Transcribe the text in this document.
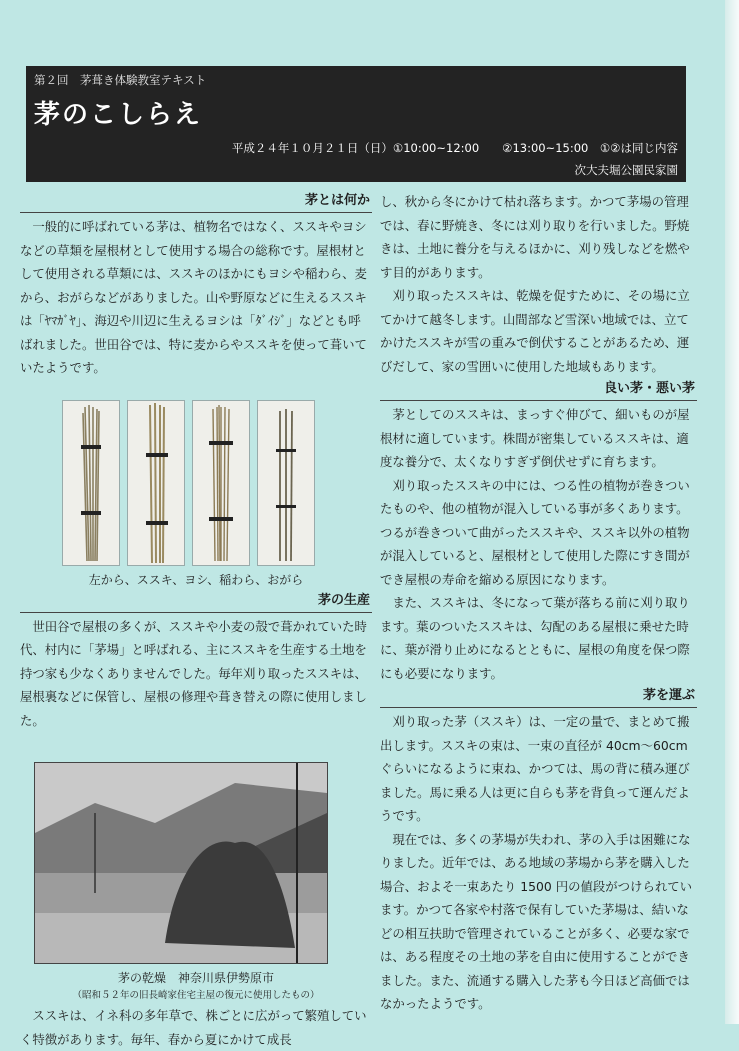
第２回　茅葺き体験教室テキスト
茅のこしらえ
平成２４年１０月２１日（日）①10:00~12:00　　②13:00~15:00　①②は同じ内容
次大夫堀公園民家園
茅とは何か

一般的に呼ばれている茅は、植物名ではなく、ススキやヨシなどの草類を屋根材として使用する場合の総称です。屋根材として使用される草類には、ススキのほかにもヨシや稲わら、麦から、おがらなどがありました。山や野原などに生えるススキは「ﾔﾏｶﾞﾔ」、海辺や川辺に生えるヨシは「ﾀﾞｲｼﾞ」などとも呼ばれました。世田谷では、特に麦からやススキを使って葺いていたようです。

左から、ススキ、ヨシ、稲わら、おがら
茅の生産

世田谷で屋根の多くが、ススキや小麦の殻で葺かれていた時代、村内に「茅場」と呼ばれる、主にススキを生産する土地を持つ家も少なくありませんでした。毎年刈り取ったススキは、屋根裏などに保管し、屋根の修理や葺き替えの際に使用しました。

茅の乾燥　神奈川県伊勢原市
（昭和５２年の旧長崎家住宅主屋の復元に使用したもの）

ススキは、イネ科の多年草で、株ごとに広がって繁殖していく特徴があります。毎年、春から夏にかけて成長

し、秋から冬にかけて枯れ落ちます。かつて茅場の管理では、春に野焼き、冬には刈り取りを行いました。野焼きは、土地に養分を与えるほかに、刈り残しなどを燃やす目的があります。

刈り取ったススキは、乾燥を促すために、その場に立てかけて越冬します。山間部など雪深い地域では、立てかけたススキが雪の重みで倒伏することがあるため、運びだして、家の雪囲いに使用した地域もあります。

良い茅・悪い茅

茅としてのススキは、まっすぐ伸びて、細いものが屋根材に適しています。株間が密集しているススキは、適度な養分で、太くなりすぎず倒伏せずに育ちます。

刈り取ったススキの中には、つる性の植物が巻きついたものや、他の植物が混入している事が多くあります。つるが巻きついて曲がったススキや、ススキ以外の植物が混入していると、屋根材として使用した際にすき間ができ屋根の寿命を縮める原因になります。

また、ススキは、冬になって葉が落ちる前に刈り取ります。葉のついたススキは、勾配のある屋根に乗せた時に、葉が滑り止めになるとともに、屋根の角度を保つ際にも必要になります。

茅を運ぶ

刈り取った茅（ススキ）は、一定の量で、まとめて搬出します。ススキの束は、一束の直径が 40cm～60cm ぐらいになるように束ね、かつては、馬の背に積み運びました。馬に乗る人は更に自らも茅を背負って運んだようです。

現在では、多くの茅場が失われ、茅の入手は困難になりました。近年では、ある地域の茅場から茅を購入した場合、およそ一束あたり 1500 円の値段がつけられています。かつて各家や村落で保有していた茅場は、結いなどの相互扶助で管理されていることが多く、必要な家では、ある程度その土地の茅を自由に使用することができました。また、流通する購入した茅も今日ほど高価ではなかったようです。
